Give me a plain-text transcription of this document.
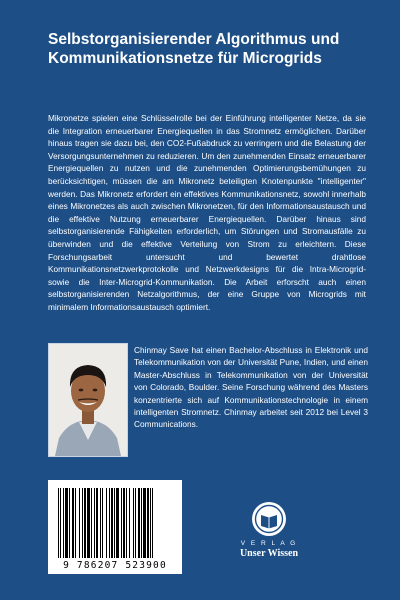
Selbstorganisierender Algorithmus und Kommunikationsnetze für Microgrids

Mikronetze spielen eine Schlüsselrolle bei der Einführung intelligenter Netze, da sie die Integration erneuerbarer Energiequellen in das Stromnetz ermöglichen. Darüber hinaus tragen sie dazu bei, den CO2-Fußabdruck zu verringern und die Belastung der Versorgungsunternehmen zu reduzieren. Um den zunehmenden Einsatz erneuerbarer Energiequellen zu nutzen und die zunehmenden Optimierungsbemühungen zu berücksichtigen, müssen die am Mikronetz beteiligten Knotenpunkte "intelligenter" werden. Das Mikronetz erfordert ein effektives Kommunikationsnetz, sowohl innerhalb eines Mikronetzes als auch zwischen Mikronetzen, für den Informationsaustausch und die effektive Nutzung erneuerbarer Energiequellen. Darüber hinaus sind selbstorganisierende Fähigkeiten erforderlich, um Störungen und Stromausfälle zu überwinden und die effektive Verteilung von Strom zu erleichtern. Diese Forschungsarbeit untersucht und bewertet drahtlose Kommunikationsnetzwerkprotokolle und Netzwerkdesigns für die Intra-Microgrid- sowie die Inter-Microgrid-Kommunikation. Die Arbeit erforscht auch einen selbstorganisierenden Netzalgorithmus, der eine Gruppe von Microgrids mit minimalem Informationsaustausch optimiert.

Chinmay Save hat einen Bachelor-Abschluss in Elektronik und Telekommunikation von der Universität Pune, Indien, und einen Master-Abschluss in Telekommunikation von der Universität von Colorado, Boulder. Seine Forschung während des Masters konzentrierte sich auf Kommunikationstechnologie in einem intelligenten Stromnetz. Chinmay arbeitet seit 2012 bei Level 3 Communications.

9 786207 523900
V E R L A G
Unser Wissen
